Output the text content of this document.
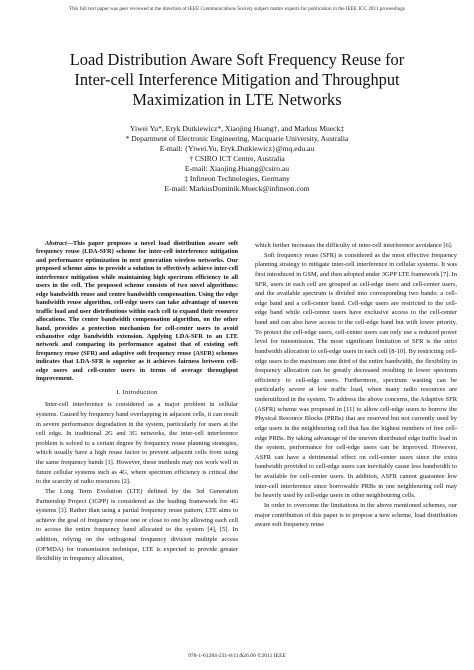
This full text paper was peer reviewed at the direction of IEEE Communications Society subject matter experts for publication in the IEEE ICC 2011 proceedings
Load Distribution Aware Soft Frequency Reuse for
Inter-cell Interference Mitigation and Throughput
Maximization in LTE Networks
Yiwei Yu*, Eryk Dutkiewicz*, Xiaojing Huang†, and Markus Mueck‡
* Department of Electronic Engineering, Macquarie University, Australia
E-mail: {Yiwei.Yu, Eryk.Dutkiewicz}@mq.edu.au
† CSIRO ICT Centre, Australia
E-mail: Xiaojing.Huang@csiro.au
‡ Infineon Technologies, Germany
E-mail: MarkusDominik.Mueck@infineon.com

Abstract—This paper proposes a novel load distribution aware soft frequency reuse (LDA-SFR) scheme for inter-cell interference mitigation and performance optimization in next generation wireless networks. Our proposed scheme aims to provide a solution to effectively achieve inter-cell interference mitigation while maintaining high spectrum efficiency to all users in the cell. The proposed scheme consists of two novel algorithms: edge bandwidth reuse and centre bandwidth compensation. Using the edge bandwidth reuse algorithm, cell-edge users can take advantage of uneven traffic load and user distributions within each cell to expand their resource allocations. The center bandwidth compensation algorithm, on the other hand, provides a protection mechanism for cell-center users to avoid exhaustive edge bandwidth extension. Applying LDA-SFR to an LTE network and comparing its performance against that of existing soft frequency reuse (SFR) and adaptive soft frequency reuse (ASFR) schemes indicates that LDA-SFR is superior as it achieves fairness between cell-edge users and cell-center users in terms of average throughput improvement.

I. Introduction

Inter-cell interference is considered as a major problem in cellular systems. Caused by frequency band overlapping in adjacent cells, it can result in severe performance degradation in the system, particularly for users at the cell edge. In traditional 2G and 3G networks, the inter-cell interference problem is solved to a certain degree by frequency reuse planning strategies, which usually have a high reuse factor to prevent adjacent cells from using the same frequency bands [1]. However, these methods may not work well in future cellular systems such as 4G, where spectrum efficiency is critical due to the scarcity of radio resources [2].

The Long Term Evolution (LTE) defined by the 3rd Generation Partnership Project (3GPP) is considered as the leading framework for 4G systems [3]. Rather than using a partial frequency reuse pattern, LTE aims to achieve the goal of frequency reuse one or close to one by allowing each cell to access the entire frequency band allocated to the system [4], [5]. In addition, relying on the orthogonal frequency division multiple access (OFMDA) for transmission technique, LTE is expected to provide greater flexibility in frequency allocation,

which further increases the difficulty of inter-cell interference avoidance [6].

Soft frequency reuse (SFR) is considered as the most effective frequency planning strategy to mitigate inter-cell interference in cellular systems. It was first introduced in GSM, and then adopted under 3GPP LTE framework [7]. In SFR, users in each cell are grouped as cell-edge users and cell-center users, and the available spectrum is divided into corresponding two bands: a cell-edge band and a cell-center band. Cell-edge users are restricted to the cell-edge band while cell-center users have exclusive access to the cell-center band and can also have access to the cell-edge band but with lower priority. To protect the cell-edge users, cell-center users can only use a reduced power level for transmission. The most significant limitation of SFR is the strict bandwidth allocation to cell-edge users in each cell [8-10]. By restricting cell-edge users to the maximum one third of the entire bandwidth, the flexibility in frequency allocation can be greatly decreased resulting in lower spectrum efficiency to cell-edge users. Furthermore, spectrum wasting can be particularly severe at low traffic load, when many radio resources are underutilized in the system. To address the above concerns, the Adaptive SFR (ASFR) scheme was proposed in [11] to allow cell-edge users to borrow the Physical Resource Blocks (PRBs) that are reserved but not currently used by edge users in the neighbouring cell that has the highest numbers of free cell-edge PRBs. By taking advantage of the uneven distributed edge traffic load in the system, performance for cell-edge users can be improved. However, ASFR can have a detrimental effect on cell-center users since the extra bandwidth provided to cell-edge users can inevitably cause less bandwidth to be available for cell-center users. In addition, ASFR cannot guarantee low inter-cell interference since borrowable PRBs in one neighbouring cell may be heavily used by cell-edge users in other neighbouring cells.

In order to overcome the limitations in the above mentioned schemes, our major contribution of this paper is to propose a new scheme, load distribution aware soft frequency reuse

978-1-61284-231-8/11/$26.00 ©2011 IEEE
